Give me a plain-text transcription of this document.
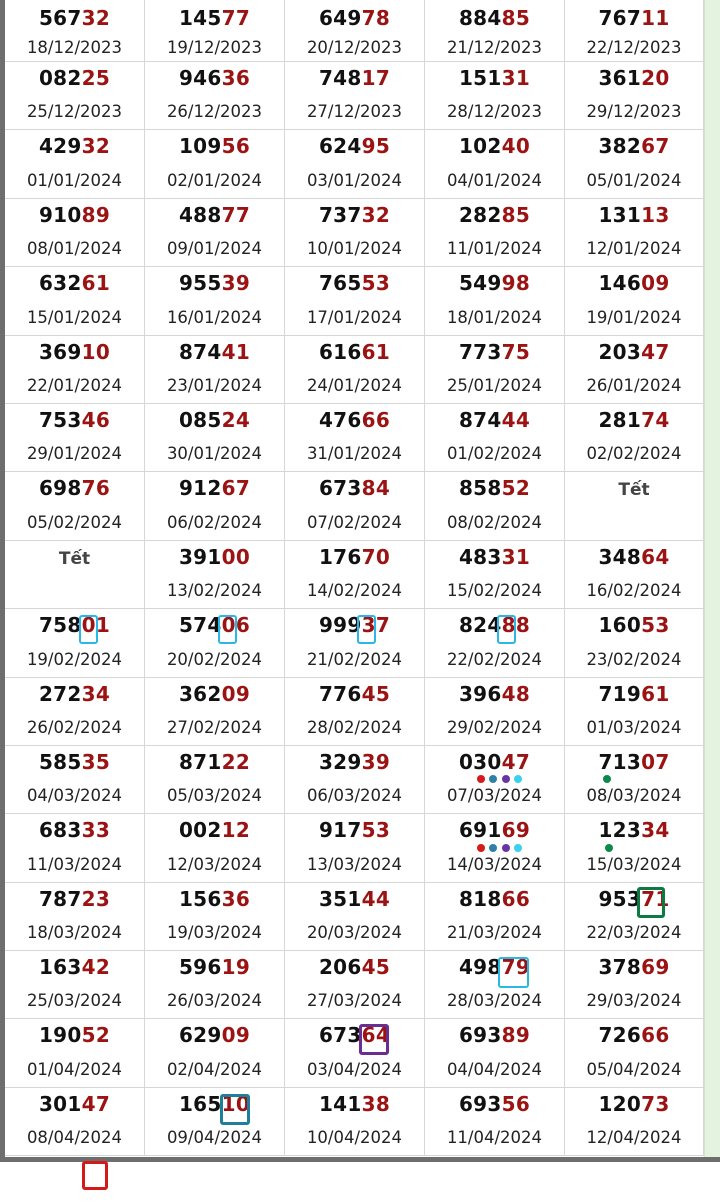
56732
18/12/2023
14577
19/12/2023
64978
20/12/2023
88485
21/12/2023
76711
22/12/2023
08225
25/12/2023
94636
26/12/2023
74817
27/12/2023
15131
28/12/2023
36120
29/12/2023
42932
01/01/2024
10956
02/01/2024
62495
03/01/2024
10240
04/01/2024
38267
05/01/2024
91089
08/01/2024
48877
09/01/2024
73732
10/01/2024
28285
11/01/2024
13113
12/01/2024
63261
15/01/2024
95539
16/01/2024
76553
17/01/2024
54998
18/01/2024
14609
19/01/2024
36910
22/01/2024
87441
23/01/2024
61661
24/01/2024
77375
25/01/2024
20347
26/01/2024
75346
29/01/2024
08524
30/01/2024
47666
31/01/2024
87444
01/02/2024
28174
02/02/2024
69876
05/02/2024
91267
06/02/2024
67384
07/02/2024
85852
08/02/2024
Tết
Tết	39100
13/02/2024
17670
14/02/2024
48331
15/02/2024
34864
16/02/2024
75801
19/02/2024
57406
20/02/2024
99937
21/02/2024
82488
22/02/2024
16053
23/02/2024
27234
26/02/2024
36209
27/02/2024
77645
28/02/2024
39648
29/02/2024
71961
01/03/2024
58535
04/03/2024
87122
05/03/2024
32939
06/03/2024
03047
07/03/2024
71307
08/03/2024
68333
11/03/2024
00212
12/03/2024
91753
13/03/2024
69169
14/03/2024
12334
15/03/2024
78723
18/03/2024
15636
19/03/2024
35144
20/03/2024
81866
21/03/2024
95371
22/03/2024
16342
25/03/2024
59619
26/03/2024
20645
27/03/2024
49879
28/03/2024
37869
29/03/2024
19052
01/04/2024
62909
02/04/2024
67364
03/04/2024
69389
04/04/2024
72666
05/04/2024
30147
08/04/2024
16510
09/04/2024
14138
10/04/2024
69356
11/04/2024
12073
12/04/2024
